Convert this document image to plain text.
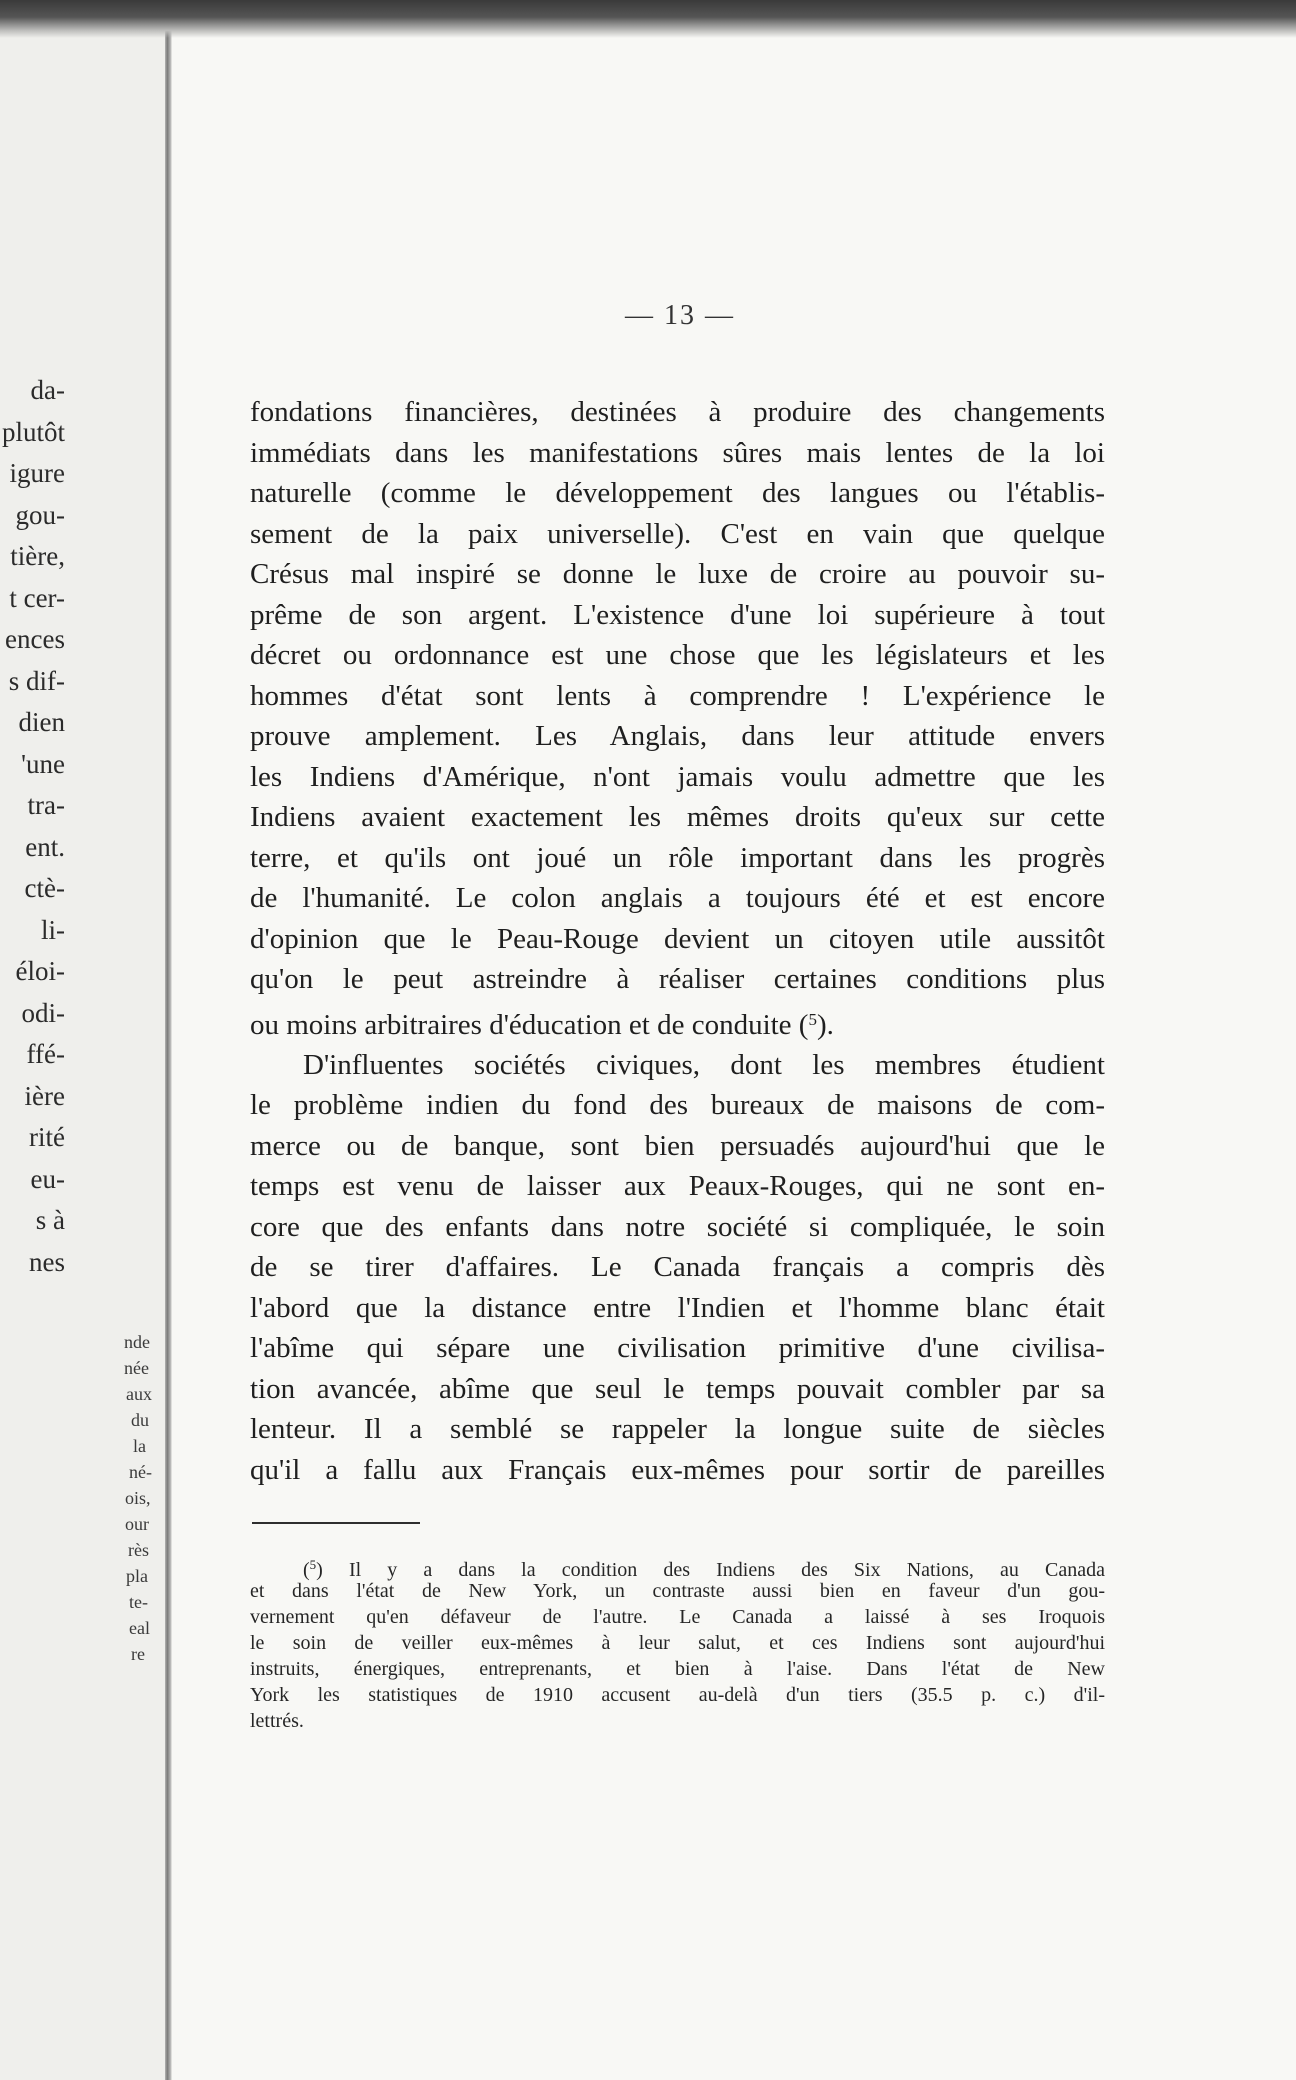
da-
plutôt
igure
gou-
tière,
t cer-
ences
s dif-
dien
'une
tra-
ent.
ctè-
li-
éloi-
odi-
ffé-
ière
rité
eu-
s à
nes
nde
née
aux
du
la
né-
ois,
our
rès
pla
te-
eal
re
— 13 —
fondations financières, destinées à produire des changements
immédiats dans les manifestations sûres mais lentes de la loi
naturelle (comme le développement des langues ou l'établis-
sement de la paix universelle). C'est en vain que quelque
Crésus mal inspiré se donne le luxe de croire au pouvoir su-
prême de son argent. L'existence d'une loi supérieure à tout
décret ou ordonnance est une chose que les législateurs et les
hommes d'état sont lents à comprendre ! L'expérience le
prouve amplement. Les Anglais, dans leur attitude envers
les Indiens d'Amérique, n'ont jamais voulu admettre que les
Indiens avaient exactement les mêmes droits qu'eux sur cette
terre, et qu'ils ont joué un rôle important dans les progrès
de l'humanité. Le colon anglais a toujours été et est encore
d'opinion que le Peau-Rouge devient un citoyen utile aussitôt
qu'on le peut astreindre à réaliser certaines conditions plus
ou moins arbitraires d'éducation et de conduite ($^5$).
D'influentes sociétés civiques, dont les membres étudient
le problème indien du fond des bureaux de maisons de com-
merce ou de banque, sont bien persuadés aujourd'hui que le
temps est venu de laisser aux Peaux-Rouges, qui ne sont en-
core que des enfants dans notre société si compliquée, le soin
de se tirer d'affaires. Le Canada français a compris dès
l'abord que la distance entre l'Indien et l'homme blanc était
l'abîme qui sépare une civilisation primitive d'une civilisa-
tion avancée, abîme que seul le temps pouvait combler par sa
lenteur. Il a semblé se rappeler la longue suite de siècles
qu'il a fallu aux Français eux-mêmes pour sortir de pareilles
($^5$) Il y a dans la condition des Indiens des Six Nations, au Canada
et dans l'état de New York, un contraste aussi bien en faveur d'un gou-
vernement qu'en défaveur de l'autre. Le Canada a laissé à ses Iroquois
le soin de veiller eux-mêmes à leur salut, et ces Indiens sont aujourd'hui
instruits, énergiques, entreprenants, et bien à l'aise. Dans l'état de New
York les statistiques de 1910 accusent au-delà d'un tiers (35.5 p. c.) d'il-
lettrés.
